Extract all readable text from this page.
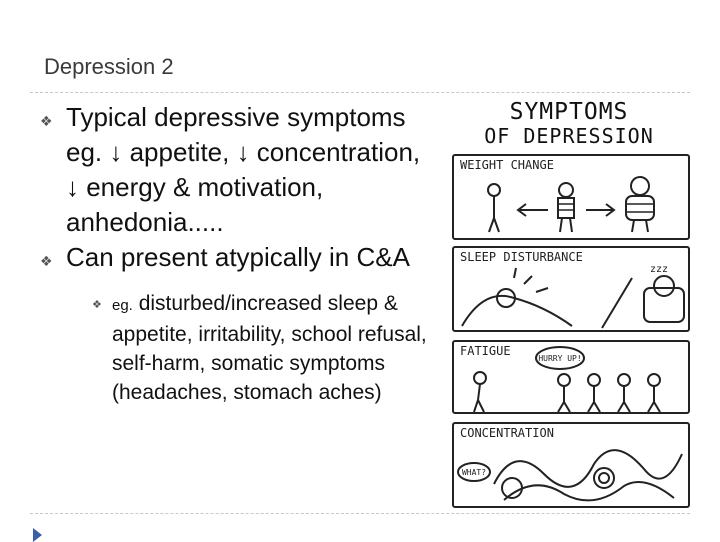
Depression 2
❖ Typical depressive symptoms eg. ↓ appetite, ↓ concentration, ↓ energy & motivation, anhedonia.....
❖ Can present atypically in C&A
❖ eg. disturbed/increased sleep & appetite, irritability, school refusal, self-harm, somatic symptoms (headaches, stomach aches)
SYMPTOMS
OF DEPRESSION
WEIGHT CHANGE
zzz
SLEEP DISTURBANCE
HURRY UP!
FATIGUE
WHAT?
CONCENTRATION
